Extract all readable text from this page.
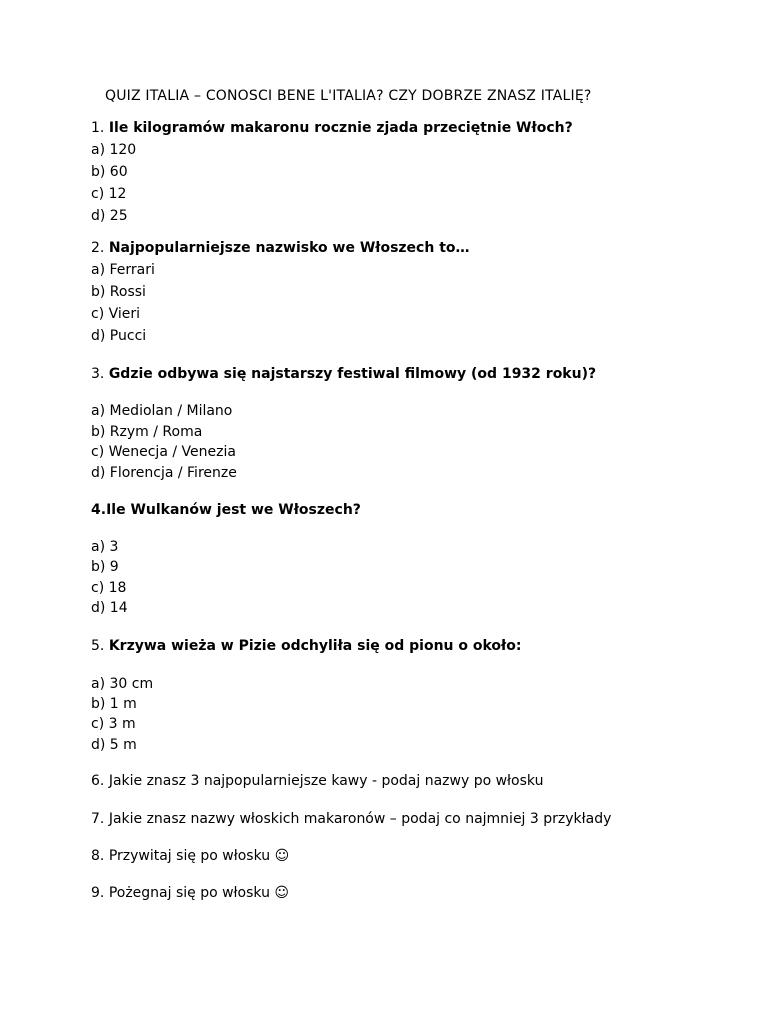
QUIZ ITALIA – CONOSCI BENE L'ITALIA? CZY DOBRZE ZNASZ ITALIĘ?
1. Ile kilogramów makaronu rocznie zjada przeciętnie Włoch?
a) 120
b) 60
c) 12
d) 25
2. Najpopularniejsze nazwisko we Włoszech to…
a) Ferrari
b) Rossi
c) Vieri
d) Pucci
3. Gdzie odbywa się najstarszy festiwal filmowy (od 1932 roku)?
a) Mediolan / Milano
b) Rzym / Roma
c) Wenecja / Venezia
d) Florencja / Firenze
4.Ile Wulkanów jest we Włoszech?
a) 3
b) 9
c) 18
d) 14
5. Krzywa wieża w Pizie odchyliła się od pionu o około:
a) 30 cm
b) 1 m
c) 3 m
d) 5 m
6. Jakie znasz 3 najpopularniejsze kawy - podaj nazwy po włosku
7. Jakie znasz nazwy włoskich makaronów – podaj co najmniej 3 przykłady
8. Przywitaj się po włosku ☺
9. Pożegnaj się po włosku ☺
